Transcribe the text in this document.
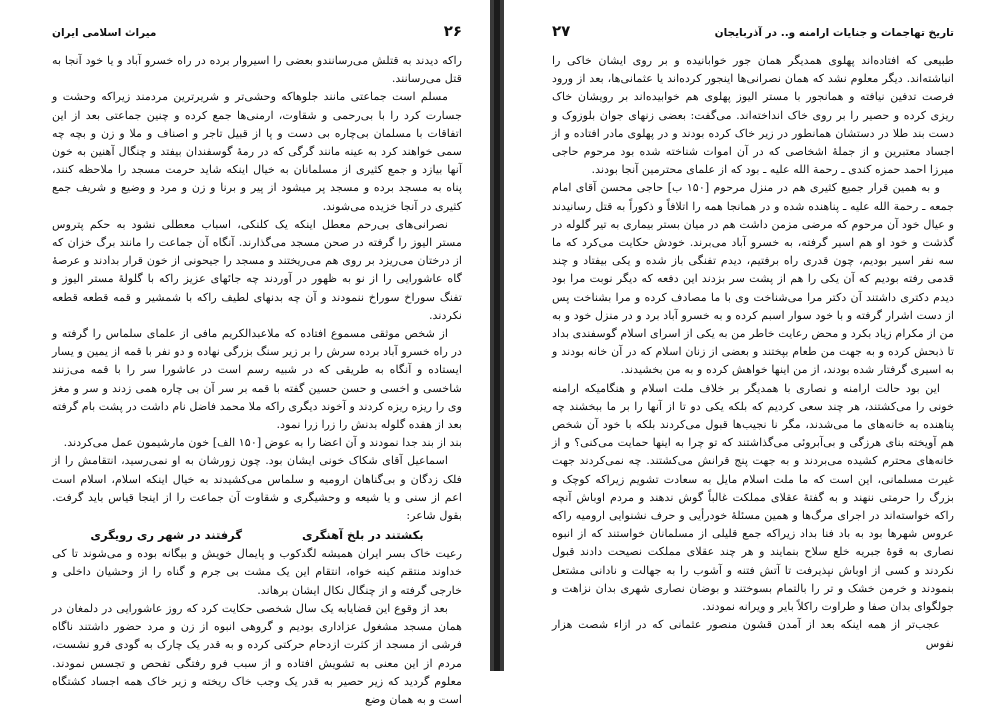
۲۶
میراث اسلامی ایران

راکه دیدند به قتلش می‌رسانندو بعضی را اسیروار برده در راه خسرو آباد و یا خود آنجا به قتل می‌رسانند.

مسلم است جماعتی مانند جلوهاکه وحشی‌تر و شریرترین مردمند زیراکه وحشت و جسارت کرد را با بی‌رحمی و شقاوت، ارمنی‌ها جمع کرده و چنین جماعتی بعد از این اتفاقات با مسلمان بی‌چاره بی دست و پا از قبیل تاجر و اصناف و ملا و زن و بچه چه سمی خواهند کرد به عینه مانند گرگی که در رمهٔ گوسفندان بیفتد و چنگال آهنین به خون آنها بیازد و جمع کثیری از مسلمانان به خیال اینکه شاید حرمت مسجد را ملاحظه کنند، پناه به مسجد برده و مسجد پر میشود از پیر و برنا و زن و مرد و وضیع و شریف جمع کثیری در آنجا خزیده می‌شوند.

نصرانی‌های بی‌رحم معطل اینکه یک کلنکی، اسباب معطلی نشود به حکم پتروس مستر الیوز را گرفته در صحن مسجد می‌گذارند. آنگاه آن جماعت را مانند برگ خزان که از درختان می‌ریزد بر روی هم می‌ریختند و مسجد را جیحونی از خون قرار بدادند و عرصهٔ گاه عاشورایی را از نو به ظهور در آوردند چه جائهای عزیز راکه با گلولهٔ مستر الیوز و تفنگ سوراخ سوراخ ننمودند و آن چه بدنهای لطیف راکه با شمشیر و قمه قطعه قطعه نکردند.

از شخص موثقی مسموع افتاده که ملاعبدالکریم مافی از علمای سلماس را گرفته و در راه خسرو آباد برده سرش را بر زیر سنگ بزرگی نهاده و دو نفر با قمه از یمین و یسار ایستاده و آنگاه به طریقی که در شبیه رسم است در عاشورا سر را با قمه می‌زنند شاخسی و اخسی و حسن حسین گفته با قمه بر سر آن بی چاره همی زدند و سر و مغز وی را ریزه ریزه کردند و آخوند دیگری راکه ملا محمد فاضل نام داشت در پشت بام گرفته بعد از هفده گلوله بدنش را زرا زرا نمود.

بند از بند جدا نمودند و آن اعضا را به عوض [۱۵۰ الف] خون مارشیمون عمل می‌کردند.

اسماعیل آقای شکاک خونی ایشان بود. چون زورشان به او نمی‌رسید، انتقامش را از فلک زدگان و بی‌گناهان ارومیه و سلماس می‌کشیدند به خیال اینکه اسلام، اسلام است اعم از سنی و یا شیعه و وحشیگری و شقاوت آن جماعت را از اینجا قیاس باید گرفت. بقول شاعر:

بکشتند در بلخ آهنگری
گرفتند در شهر ری رویگری

رعیت خاک بسر ایران همیشه لگدکوب و پایمال خویش و بیگانه بوده و می‌شوند تا کی خداوند منتقم کینه خواه، انتقام این یک مشت بی جرم و گناه را از وحشیان داخلی و خارجی گرفته و از چنگال نکال ایشان برهاند.

بعد از وقوع این قضایابه یک سال شخصی حکایت کرد که روز عاشورایی در دلمغان در همان مسجد مشغول عزاداری بودیم و گروهی انبوه از زن و مرد حضور داشتند ناگاه فرشی از مسجد از کثرت ازدحام حرکتی کرده و به قدر یک چارک به گودی فرو نشست، مردم از این معنی به تشویش افتاده و از سبب فرو رفتگی تفحص و تجسس نمودند. معلوم گردید که زیر حصیر به قدر یک وجب خاک ریخته و زیر خاک همه اجساد کشتگاه است و به همان وضع

تاریخ تهاجمات و جنایات ارامنه و.. در آذربایجان
۲۷

طبیعی که افتاده‌اند پهلوی همدیگر همان جور خوابانیده و بر روی ایشان خاکی را انباشته‌اند. دیگر معلوم نشد که همان نصرانی‌ها اینجور کرده‌اند یا عثمانی‌ها، بعد از ورود فرصت تدفین نیافته و همانجور با مستر الیوز پهلوی هم خوابیده‌اند بر رویشان خاک ریزی کرده و حصیر را بر روی خاک انداخته‌اند. می‌گفت: بعضی زنهای جوان بلوزوک و دست بند طلا در دستشان همانطور در زیر خاک کرده بودند و در پهلوی مادر افتاده و از اجساد معتبرین و از جملهٔ اشخاصی که در آن اموات شناخته شده بود مرحوم حاجی میرزا احمد حمزه کندی ـ رحمة الله علیه ـ بود که از علمای محترمین آنجا بودند.

و به همین قرار جمیع کثیری هم در منزل مرحوم [۱۵۰ ب] حاجی محسن آقای امام جمعه ـ رحمة الله علیه ـ پناهنده شده و در همانجا همه را اتلافاً و ذکوراً به قتل رسانیدند و عیال خود آن مرحوم که مرضی مزمن داشت هم در میان بستر بیماری به تیر گلوله در گذشت و خود او هم اسیر گرفته، به خسرو آباد می‌برند. خودش حکایت می‌کرد که ما سه نفر اسیر بودیم، چون قدری راه برفتیم، دیدم تفنگی باز شده و یکی بیفتاد و چند قدمی رفته بودیم که آن یکی را هم از پشت سر بزدند این دفعه که دیگر نوبت مرا بود دیدم دکتری داشتند آن دکتر مرا می‌شناخت وی با ما مصادف کرده و مرا بشناخت پس از دست اشرار گرفته و با خود سوار اسبم کرده و به خسرو آباد برد و در منزل خود و به من از مکرام زیاد بکرد و محض رعایت خاطر من به یکی از اسرای اسلام گوسفندی بداد تا ذبحش کرده و به جهت من طعام بپختند و بعضی از زنان اسلام که در آن خانه بودند و به اسیری گرفتار شده بودند، از من اینها خواهش کرده و به من بخشیدند.

این بود حالت ارامنه و نصاری با همدیگر بر خلاف ملت اسلام و هنگامیکه ارامنه خونی را می‌کشتند، هر چند سعی کردیم که بلکه یکی دو تا از آنها را بر ما ببخشند چه پناهنده به خانه‌های ما می‌شدند، مگر نا نجیب‌ها قبول می‌کردند بلکه با خود آن شخص هم آویخته بنای هرزگی و بی‌آبروئی می‌گذاشتند که تو چرا به اینها حمایت می‌کنی؟ و از خانه‌های محترم کشیده می‌بردند و به جهت پنج قرانش می‌کشتند. چه نمی‌کردند جهت غیرت مسلمانی، این است که ما ملت اسلام مایل به سعادت تشویم زیراکه کوچک و بزرگ را حرمتی ننهند و به گفتهٔ عقلای مملکت غالباً گوش ندهند و مردم اوباش آنچه راکه خواسته‌اند در اجرای مرگ‌ها و همین مسئلهٔ خودرأیی و حرف نشنوایی ارومیه راکه عروس شهرها بود به باد فنا بداد زیراکه جمع قلیلی از مسلمانان خواستند که از انبوه نصاری به قوهٔ جبریه خلع سلاح بنمایند و هر چند عقلای مملکت نصیحت دادند قبول نکردند و کسی از اوباش نپذیرفت تا آتش فتنه و آشوب را به جهالت و نادانی مشتعل بنمودند و خرمن خشک و تر را بالتمام بسوختند و بوضان نصاری شهری بدان نزاهت و جولگوای بدان صفا و طراوت راکلاً بایر و ویرانه نمودند.

عجب‌تر از همه اینکه بعد از آمدن قشون منصور عثمانی که در ازاء شصت هزار نفوس
